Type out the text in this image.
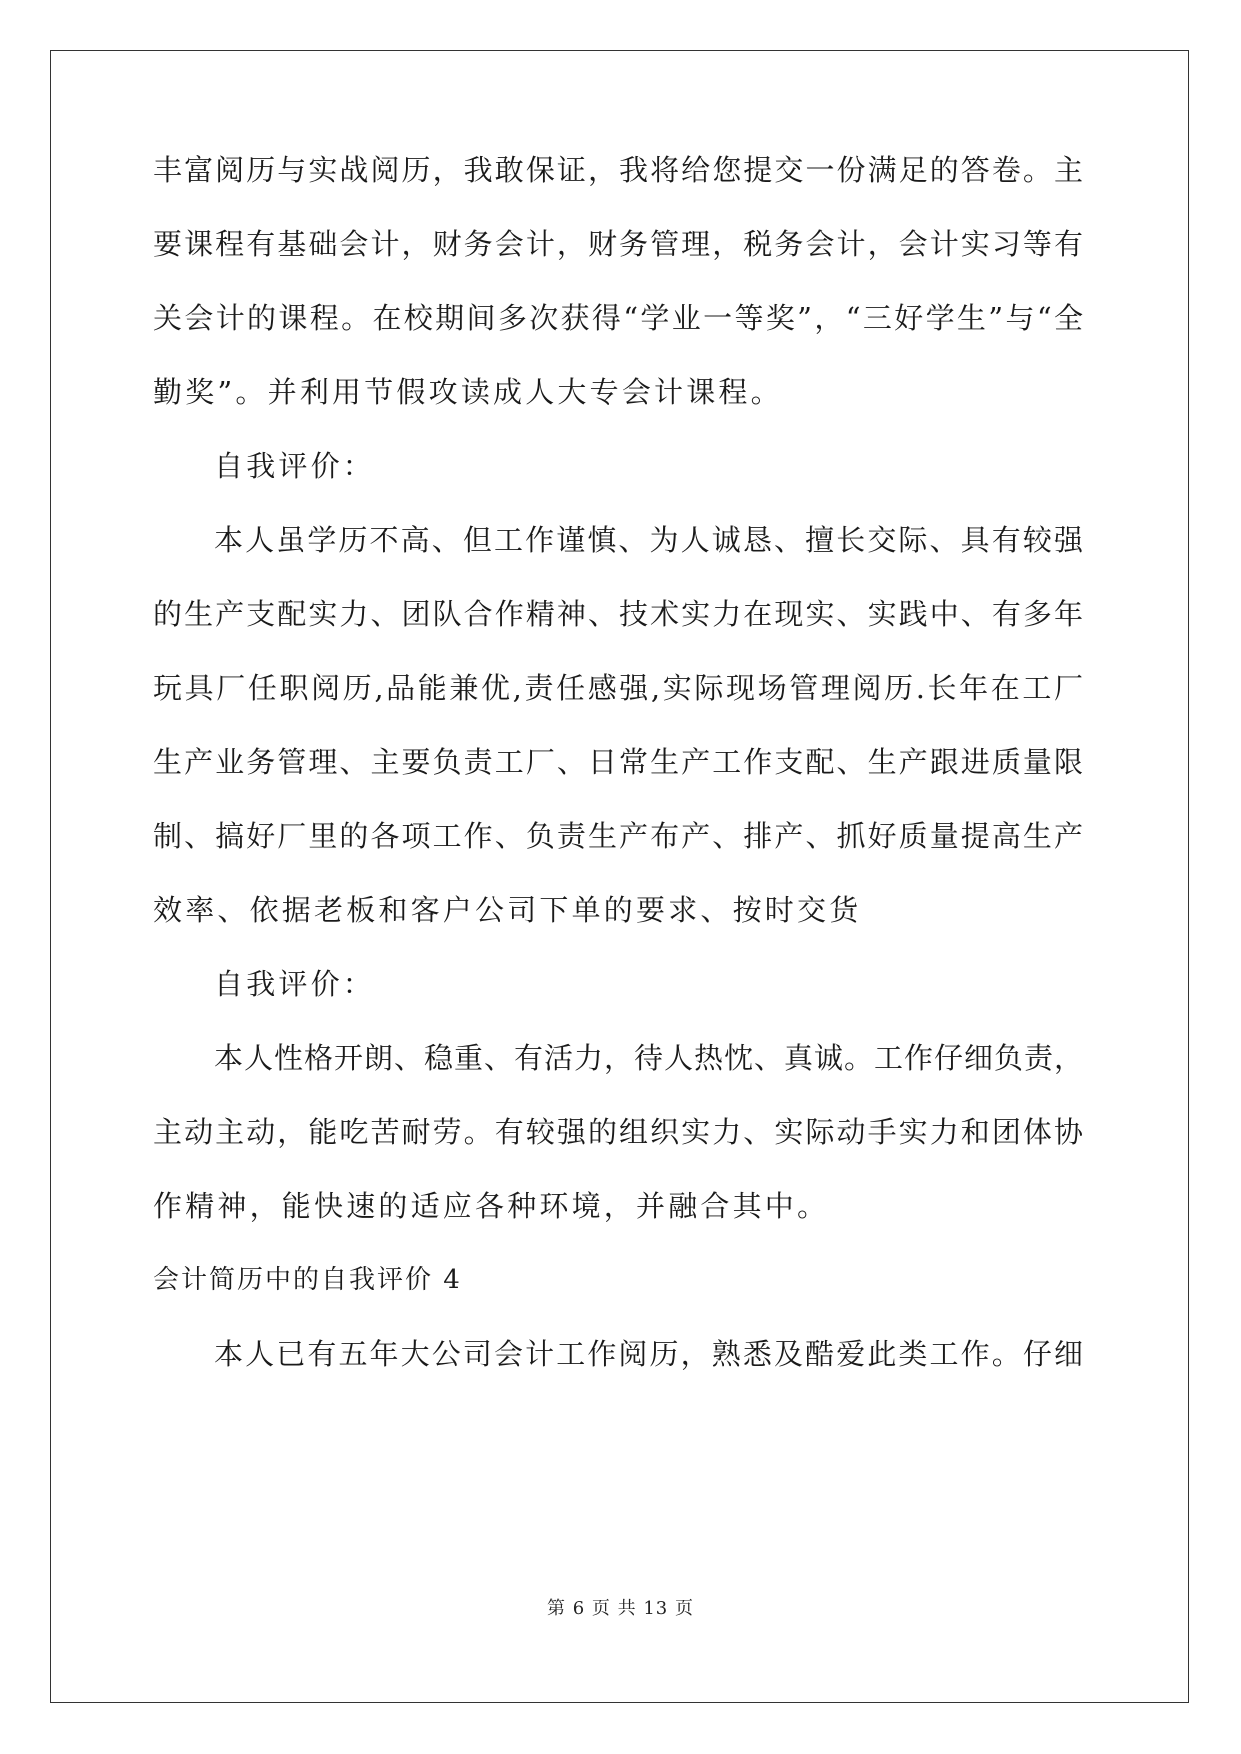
丰富阅历与实战阅历，我敢保证，我将给您提交一份满足的答卷。主
要课程有基础会计，财务会计，财务管理，税务会计，会计实习等有
关会计的课程。在校期间多次获得“学业一等奖”，“三好学生”与“全
勤奖”。并利用节假攻读成人大专会计课程。
自我评价：
本人虽学历不高、但工作谨慎、为人诚恳、擅长交际、具有较强
的生产支配实力、团队合作精神、技术实力在现实、实践中、有多年
玩具厂任职阅历,品能兼优,责任感强,实际现场管理阅历.长年在工厂
生产业务管理、主要负责工厂、日常生产工作支配、生产跟进质量限
制、搞好厂里的各项工作、负责生产布产、排产、抓好质量提高生产
效率、依据老板和客户公司下单的要求、按时交货
自我评价：
本人性格开朗、稳重、有活力，待人热忱、真诚。工作仔细负责，
主动主动，能吃苦耐劳。有较强的组织实力、实际动手实力和团体协
作精神，能快速的适应各种环境，并融合其中。
会计简历中的自我评价 4
本人已有五年大公司会计工作阅历，熟悉及酷爱此类工作。仔细
第 6 页 共 13 页
